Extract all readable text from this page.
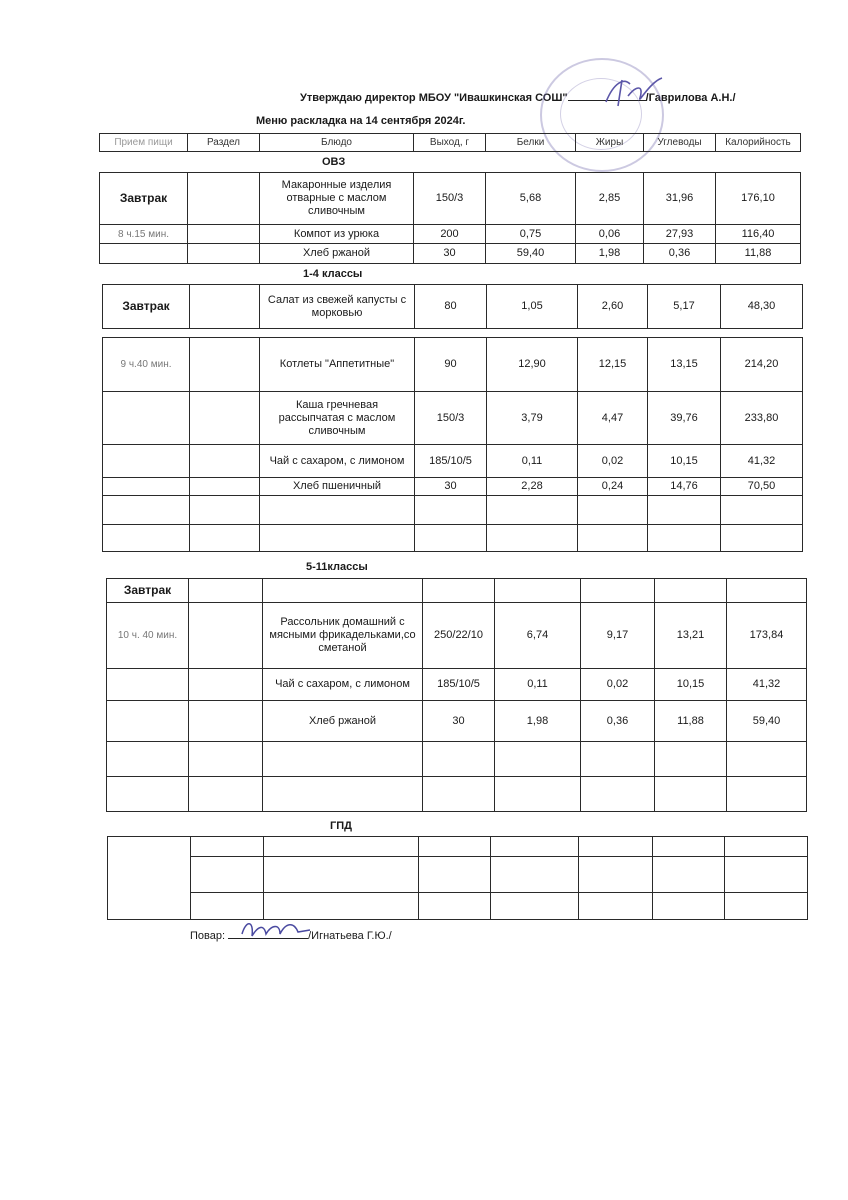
Утверждаю директор МБОУ "Ивашкинская СОШ"	/Гаврилова А.Н./
Меню раскладка на 14 сентября 2024г.
Прием пищи	Раздел	Блюдо	Выход, г	Белки	Жиры	Углеводы	Калорийность
ОВЗ
Завтрак		Макаронные изделия отварные с маслом сливочным	150/3	5,68	2,85	31,96	176,10
8 ч.15 мин.		Компот из урюка	200	0,75	0,06	27,93	116,40
		Хлеб ржаной	30	59,40	1,98	0,36	11,88
1-4 классы
Завтрак		Салат из свежей капусты с морковью	80	1,05	2,60	5,17	48,30
9 ч.40 мин.		Котлеты "Аппетитные"	90	12,90	12,15	13,15	214,20
		Каша гречневая рассыпчатая с маслом сливочным	150/3	3,79	4,47	39,76	233,80
		Чай с сахаром, с лимоном	185/10/5	0,11	0,02	10,15	41,32
		Хлеб пшеничный	30	2,28	0,24	14,76	70,50

5-11классы
Завтрак							
10 ч. 40 мин.		Рассольник домашний с мясными фрикадельками,со сметаной	250/22/10	6,74	9,17	13,21	173,84
		Чай с сахаром, с лимоном	185/10/5	0,11	0,02	10,15	41,32
		Хлеб ржаной	30	1,98	0,36	11,88	59,40

ГПД

Повар:	/Игнатьева Г.Ю./
